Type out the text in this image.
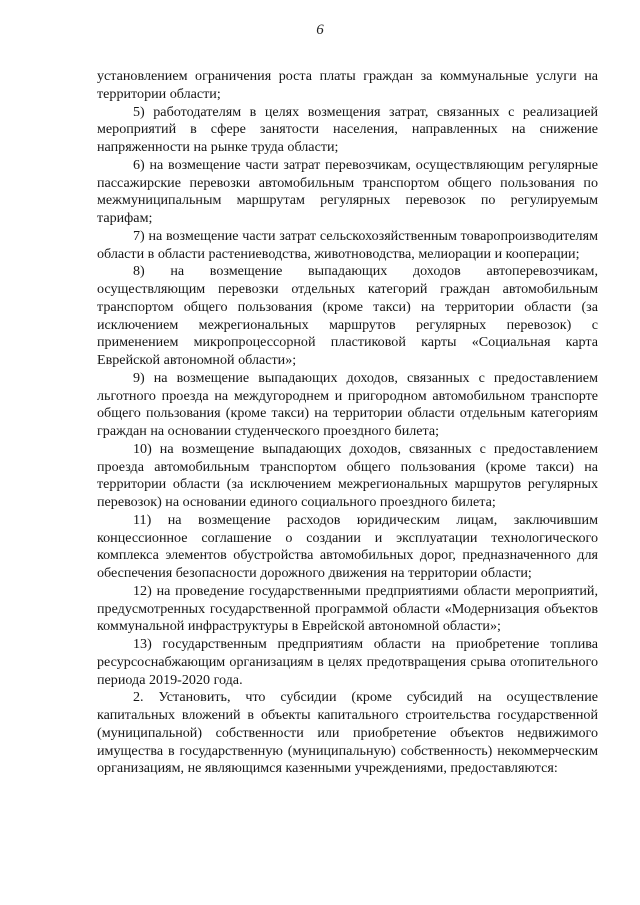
6

установлением ограничения роста платы граждан за коммунальные услуги на территории области;

5) работодателям в целях возмещения затрат, связанных с реализацией мероприятий в сфере занятости населения, направленных на снижение напряженности на рынке труда области;

6) на возмещение части затрат перевозчикам, осуществляющим регулярные пассажирские перевозки автомобильным транспортом общего пользования по межмуниципальным маршрутам регулярных перевозок по регулируемым тарифам;

7) на возмещение части затрат сельскохозяйственным товаропроизводителям области в области растениеводства, животноводства, мелиорации и кооперации;

8) на возмещение выпадающих доходов автоперевозчикам, осуществляющим перевозки отдельных категорий граждан автомобильным транспортом общего пользования (кроме такси) на территории области (за исключением межрегиональных маршрутов регулярных перевозок) с применением микропроцессорной пластиковой карты «Социальная карта Еврейской автономной области»;

9) на возмещение выпадающих доходов, связанных с предоставлением льготного проезда на междугороднем и пригородном автомобильном транспорте общего пользования (кроме такси) на территории области отдельным категориям граждан на основании студенческого проездного билета;

10) на возмещение выпадающих доходов, связанных с предоставлением проезда автомобильным транспортом общего пользования (кроме такси) на территории области (за исключением межрегиональных маршрутов регулярных перевозок) на основании единого социального проездного билета;

11) на возмещение расходов юридическим лицам, заключившим концессионное соглашение о создании и эксплуатации технологического комплекса элементов обустройства автомобильных дорог, предназначенного для обеспечения безопасности дорожного движения на территории области;

12) на проведение государственными предприятиями области мероприятий, предусмотренных государственной программой области «Модернизация объектов коммунальной инфраструктуры в Еврейской автономной области»;

13) государственным предприятиям области на приобретение топлива ресурсоснабжающим организациям в целях предотвращения срыва отопительного периода 2019-2020 года.

2. Установить, что субсидии (кроме субсидий на осуществление капитальных вложений в объекты капитального строительства государственной (муниципальной) собственности или приобретение объектов недвижимого имущества в государственную (муниципальную) собственность) некоммерческим организациям, не являющимся казенными учреждениями, предоставляются:
